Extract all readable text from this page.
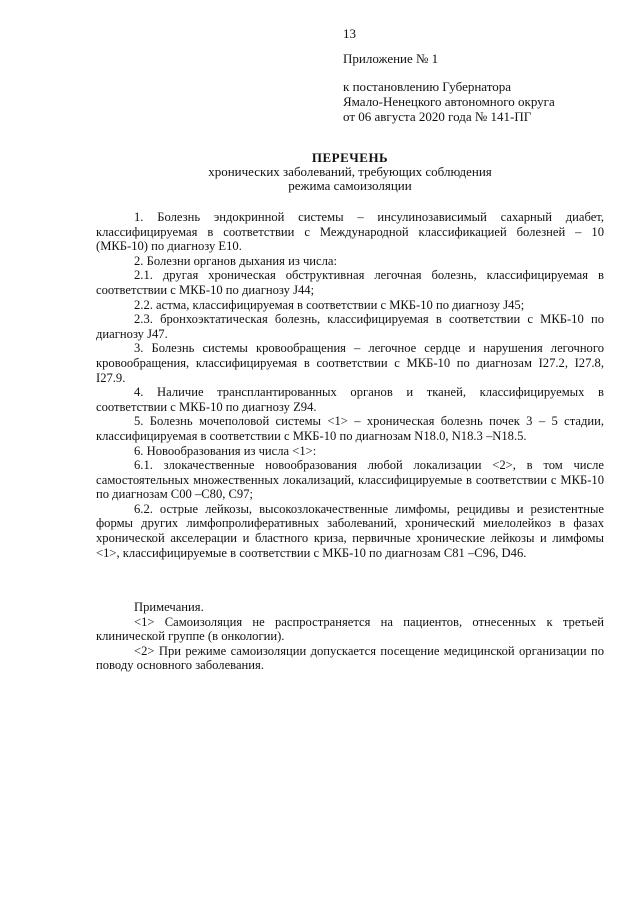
13
Приложение № 1
к постановлению Губернатора
Ямало-Ненецкого автономного округа
от 06 августа 2020 года № 141-ПГ
ПЕРЕЧЕНЬ
хронических заболеваний, требующих соблюдения
режима самоизоляции

1. Болезнь эндокринной системы – инсулинозависимый сахарный диабет, классифицируемая в соответствии с Международной классификацией болезней – 10 (МКБ-10) по диагнозу Е10.

2. Болезни органов дыхания из числа:

2.1. другая хроническая обструктивная легочная болезнь, классифицируемая в соответствии с МКБ-10 по диагнозу J44;

2.2. астма, классифицируемая в соответствии с МКБ-10 по диагнозу J45;

2.3. бронхоэктатическая болезнь, классифицируемая в соответствии с МКБ-10 по диагнозу J47.

3. Болезнь системы кровообращения – легочное сердце и нарушения легочного кровообращения, классифицируемая в соответствии с МКБ-10 по диагнозам I27.2, I27.8, I27.9.

4. Наличие трансплантированных органов и тканей, классифицируемых в соответствии с МКБ-10 по диагнозу Z94.

5. Болезнь мочеполовой системы <1> – хроническая болезнь почек 3 – 5 стадии, классифицируемая в соответствии с МКБ-10 по диагнозам N18.0, N18.3 –N18.5.

6. Новообразования из числа <1>:

6.1. злокачественные новообразования любой локализации <2>, в том числе самостоятельных множественных локализаций, классифицируемые в соответствии с МКБ-10 по диагнозам С00 –С80, С97;

6.2. острые лейкозы, высокозлокачественные лимфомы, рецидивы и резистентные формы других лимфопролиферативных заболеваний, хронический миелолейкоз в фазах хронической акселерации и бластного криза, первичные хронические лейкозы и лимфомы <1>, классифицируемые в соответствии с МКБ-10 по диагнозам С81 –С96, D46.

Примечания.

<1> Самоизоляция не распространяется на пациентов, отнесенных к третьей клинической группе (в онкологии).

<2> При режиме самоизоляции допускается посещение медицинской организации по поводу основного заболевания.
